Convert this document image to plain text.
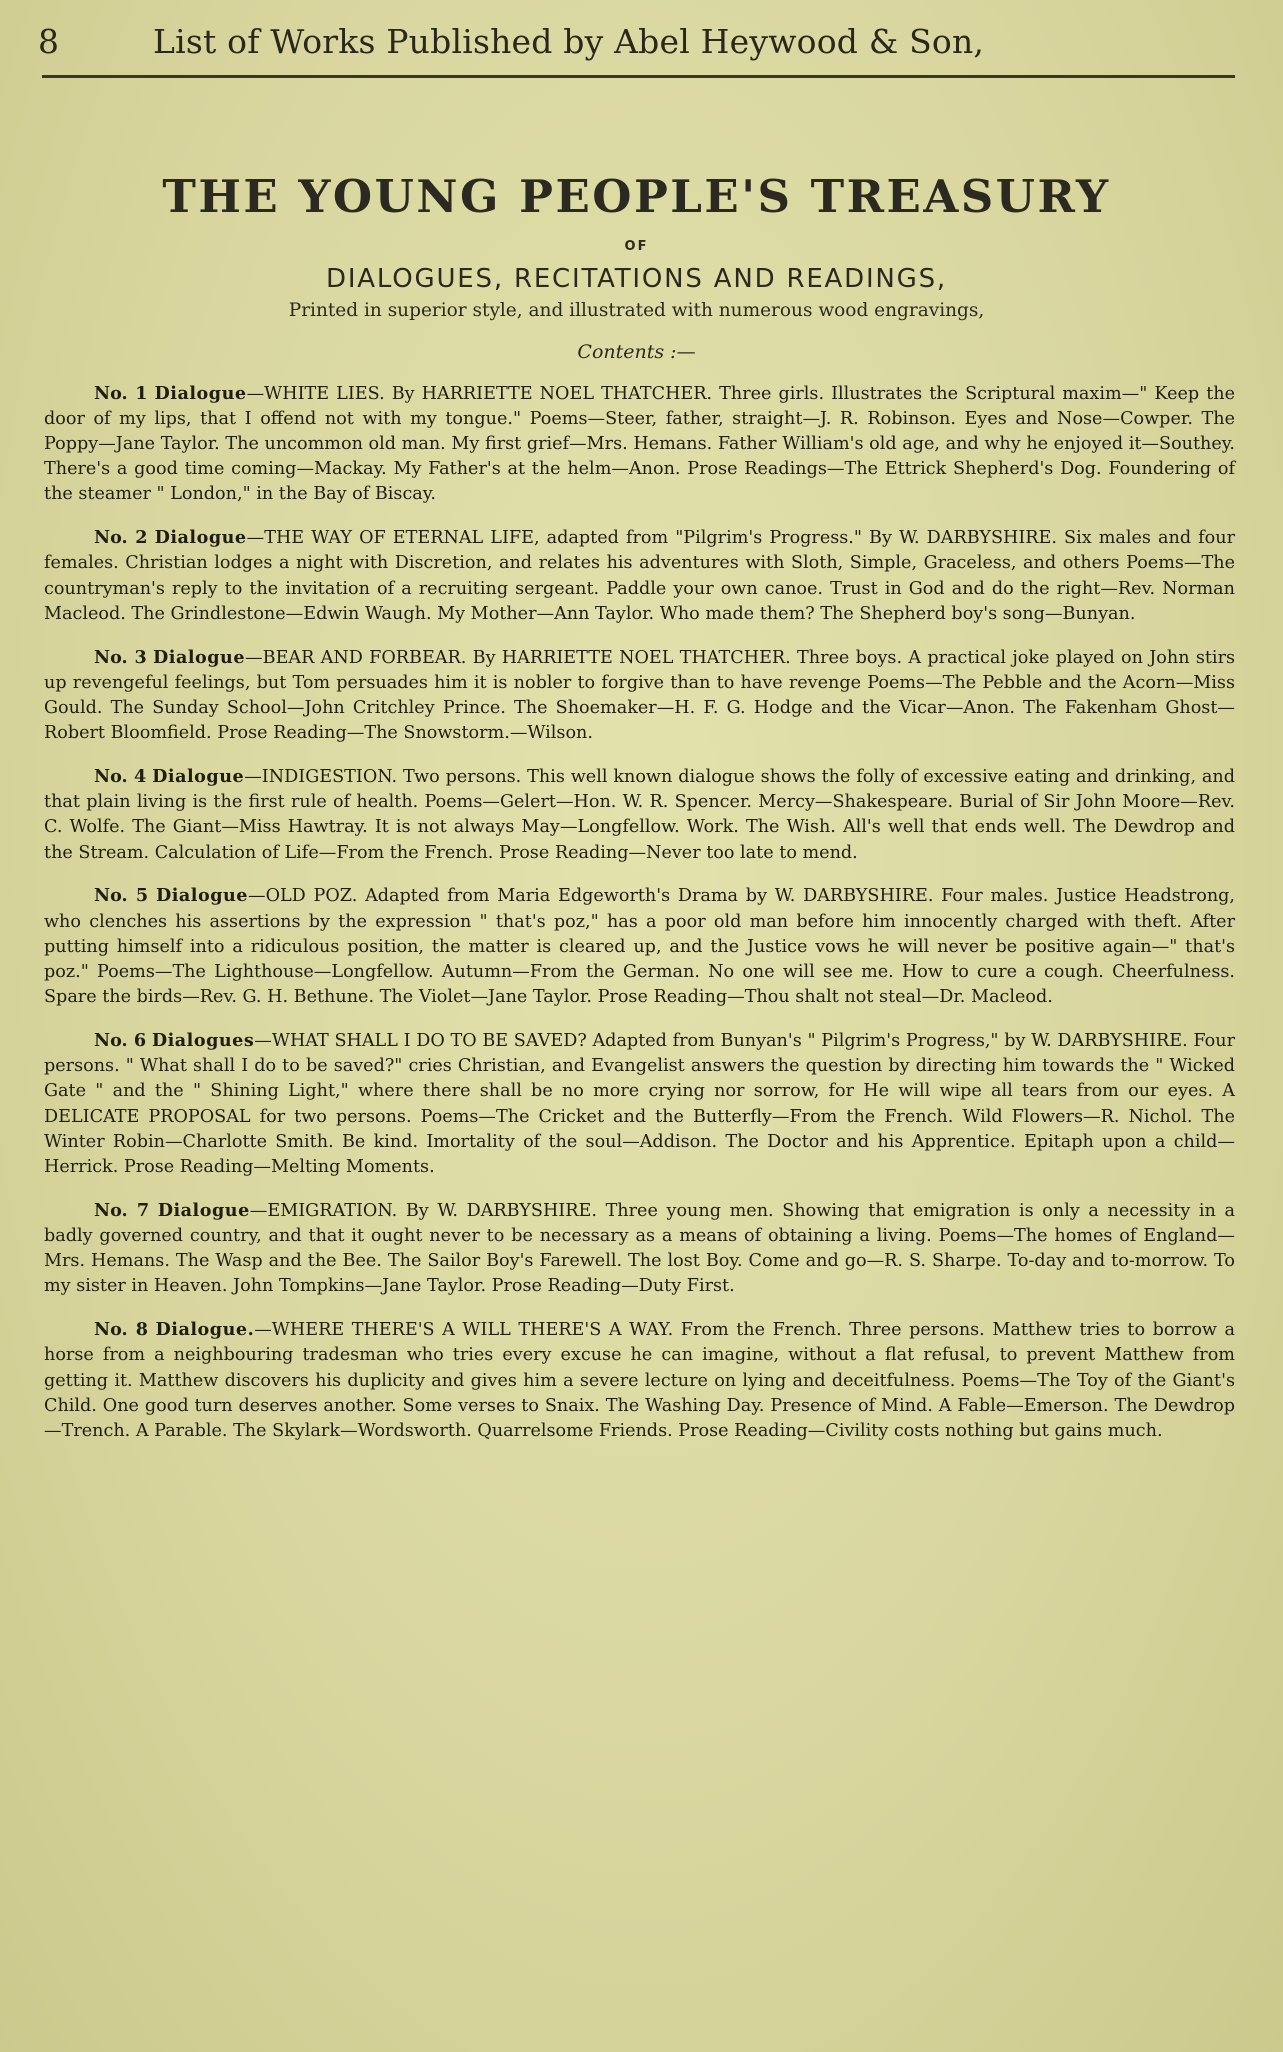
8	List of Works Published by Abel Heywood & Son,
THE YOUNG PEOPLE'S TREASURY
OF
DIALOGUES, RECITATIONS AND READINGS,
Printed in superior style, and illustrated with numerous wood engravings,
Contents :—

No. 1 Dialogue—WHITE LIES. By HARRIETTE NOEL THATCHER. Three girls. Illustrates the Scriptural maxim—" Keep the door of my lips, that I offend not with my tongue." Poems—Steer, father, straight—J. R. Robinson. Eyes and Nose—Cowper. The Poppy—Jane Taylor. The uncommon old man. My first grief—Mrs. Hemans. Father William's old age, and why he enjoyed it—Southey. There's a good time coming—Mackay. My Father's at the helm—Anon. Prose Readings—The Ettrick Shepherd's Dog. Foundering of the steamer " London," in the Bay of Biscay.

No. 2 Dialogue—THE WAY OF ETERNAL LIFE, adapted from "Pilgrim's Progress." By W. DARBYSHIRE. Six males and four females. Christian lodges a night with Discretion, and relates his adventures with Sloth, Simple, Graceless, and others Poems—The countryman's reply to the invitation of a recruiting sergeant. Paddle your own canoe. Trust in God and do the right—Rev. Norman Macleod. The Grindlestone—Edwin Waugh. My Mother—Ann Taylor. Who made them? The Shepherd boy's song—Bunyan.

No. 3 Dialogue—BEAR AND FORBEAR. By HARRIETTE NOEL THATCHER. Three boys. A practical joke played on John stirs up revengeful feelings, but Tom persuades him it is nobler to forgive than to have revenge Poems—The Pebble and the Acorn—Miss Gould. The Sunday School—John Critchley Prince. The Shoemaker—H. F. G. Hodge and the Vicar—Anon. The Fakenham Ghost—Robert Bloomfield. Prose Reading—The Snowstorm.—Wilson.

No. 4 Dialogue—INDIGESTION. Two persons. This well known dialogue shows the folly of excessive eating and drinking, and that plain living is the first rule of health. Poems—Gelert—Hon. W. R. Spencer. Mercy—Shakespeare. Burial of Sir John Moore—Rev. C. Wolfe. The Giant—Miss Hawtray. It is not always May—Longfellow. Work. The Wish. All's well that ends well. The Dewdrop and the Stream. Calculation of Life—From the French. Prose Reading—Never too late to mend.

No. 5 Dialogue—OLD POZ. Adapted from Maria Edgeworth's Drama by W. DARBYSHIRE. Four males. Justice Headstrong, who clenches his assertions by the expression " that's poz," has a poor old man before him innocently charged with theft. After putting himself into a ridiculous position, the matter is cleared up, and the Justice vows he will never be positive again—" that's poz." Poems—The Lighthouse—Longfellow. Autumn—From the German. No one will see me. How to cure a cough. Cheerfulness. Spare the birds—Rev. G. H. Bethune. The Violet—Jane Taylor. Prose Reading—Thou shalt not steal—Dr. Macleod.

No. 6 Dialogues—WHAT SHALL I DO TO BE SAVED? Adapted from Bunyan's " Pilgrim's Progress," by W. DARBYSHIRE. Four persons. " What shall I do to be saved?" cries Christian, and Evangelist answers the question by directing him towards the " Wicked Gate " and the " Shining Light," where there shall be no more crying nor sorrow, for He will wipe all tears from our eyes. A DELICATE PROPOSAL for two persons. Poems—The Cricket and the Butterfly—From the French. Wild Flowers—R. Nichol. The Winter Robin—Charlotte Smith. Be kind. Imortality of the soul—Addison. The Doctor and his Apprentice. Epitaph upon a child—Herrick. Prose Reading—Melting Moments.

No. 7 Dialogue—EMIGRATION. By W. DARBYSHIRE. Three young men. Showing that emigration is only a necessity in a badly governed country, and that it ought never to be necessary as a means of obtaining a living. Poems—The homes of England—Mrs. Hemans. The Wasp and the Bee. The Sailor Boy's Farewell. The lost Boy. Come and go—R. S. Sharpe. To-day and to-morrow. To my sister in Heaven. John Tompkins—Jane Taylor. Prose Reading—Duty First.

No. 8 Dialogue.—WHERE THERE'S A WILL THERE'S A WAY. From the French. Three persons. Matthew tries to borrow a horse from a neighbouring tradesman who tries every excuse he can imagine, without a flat refusal, to prevent Matthew from getting it. Matthew discovers his duplicity and gives him a severe lecture on lying and deceitfulness. Poems—The Toy of the Giant's Child. One good turn deserves another. Some verses to Snaix. The Washing Day. Presence of Mind. A Fable—Emerson. The Dewdrop—Trench. A Parable. The Skylark—Wordsworth. Quarrelsome Friends. Prose Reading—Civility costs nothing but gains much.
